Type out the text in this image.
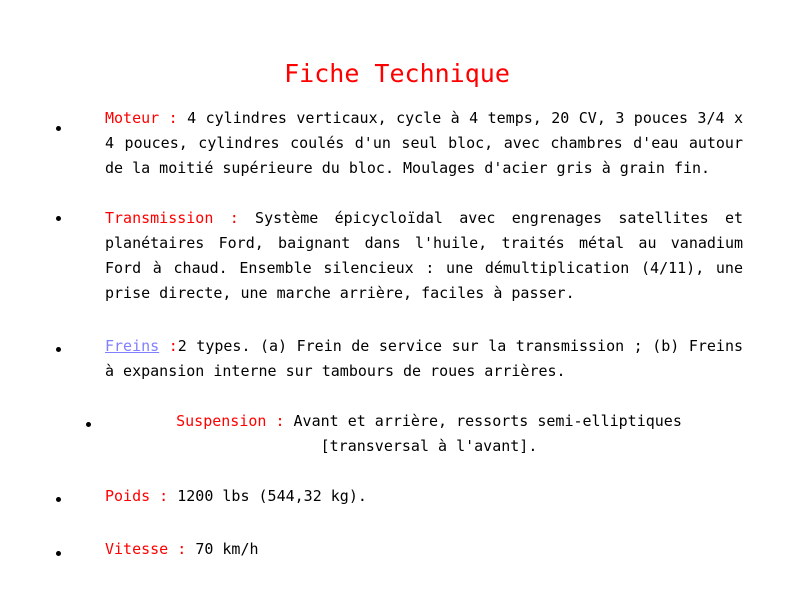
Fiche Technique
Moteur : 4 cylindres verticaux, cycle à 4 temps, 20 CV, 3 pouces 3/4 x 4 pouces, cylindres coulés d'un seul bloc, avec chambres d'eau autour de la moitié supérieure du bloc. Moulages d'acier gris à grain fin.
Transmission : Système épicycloïdal avec engrenages satellites et planétaires Ford, baignant dans l'huile, traités métal au vanadium Ford à chaud. Ensemble silencieux : une démultiplication (4/11), une prise directe, une marche arrière, faciles à passer.
Freins :2 types. (a) Frein de service sur la transmission ; (b) Freins à expansion interne sur tambours de roues arrières.
Suspension : Avant et arrière, ressorts semi-elliptiques [transversal à l'avant].
Poids : 1200 lbs (544,32 kg).
Vitesse : 70 km/h
